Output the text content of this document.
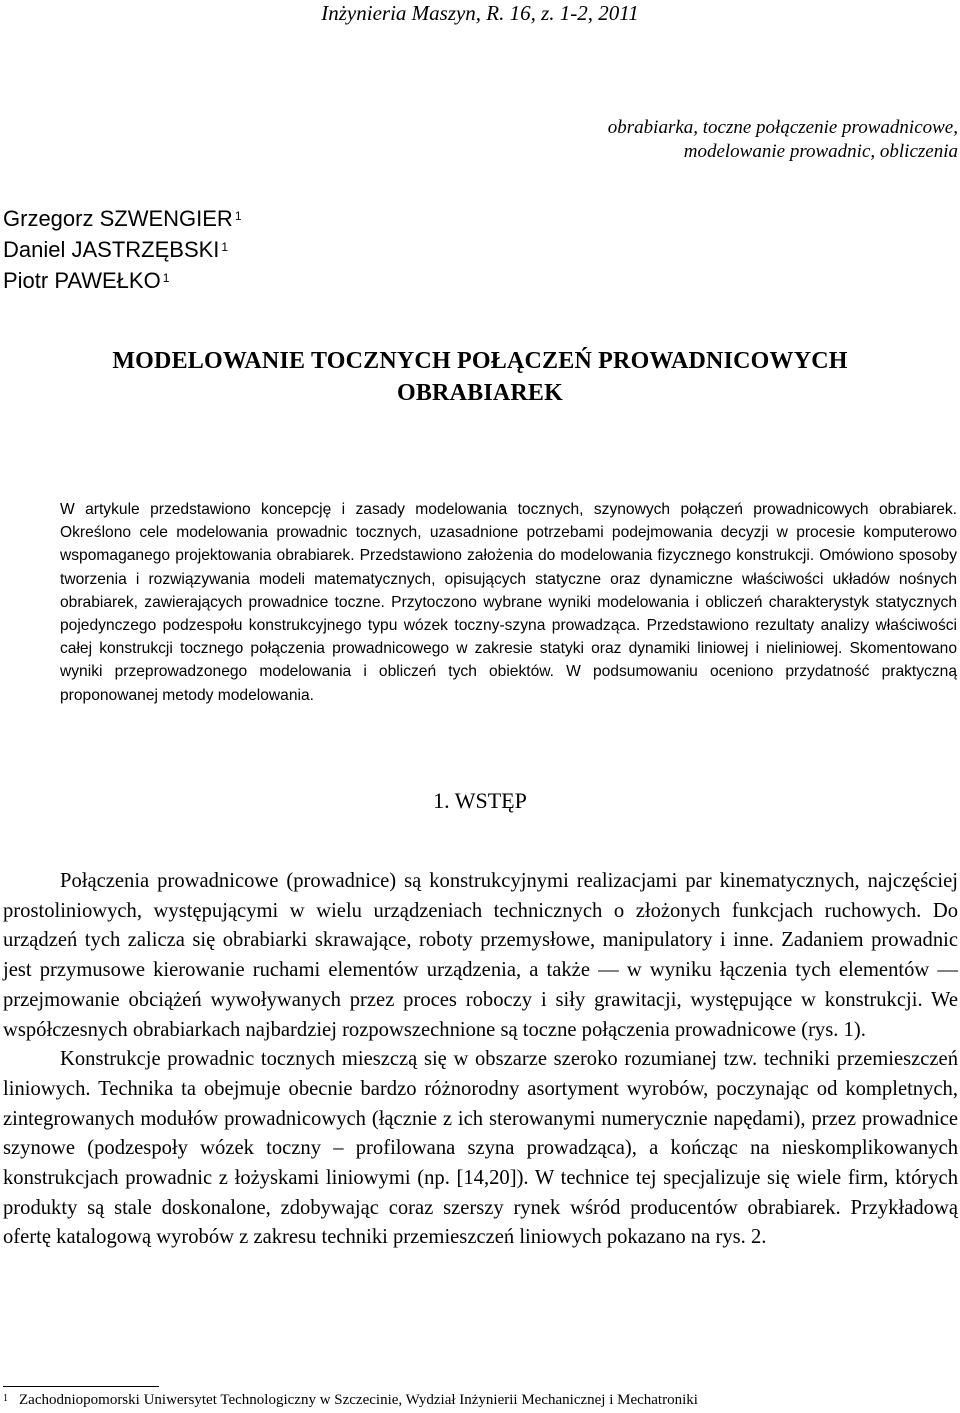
Inżynieria Maszyn, R. 16, z. 1-2, 2011
obrabiarka, toczne połączenie prowadnicowe,
modelowanie prowadnic, obliczenia
Grzegorz SZWENGIER $^1$
Daniel JASTRZĘBSKI $^1$
Piotr PAWEŁKO $^1$
MODELOWANIE TOCZNYCH POŁĄCZEŃ PROWADNICOWYCH
OBRABIAREK
W artykule przedstawiono koncepcję i zasady modelowania tocznych, szynowych połączeń prowadnicowych obrabiarek. Określono cele modelowania prowadnic tocznych, uzasadnione potrzebami podejmowania decyzji w procesie komputerowo wspomaganego projektowania obrabiarek. Przedstawiono założenia do modelowania fizycznego konstrukcji. Omówiono sposoby tworzenia i rozwiązywania modeli matematycznych, opisujących statyczne oraz dynamiczne właściwości układów nośnych obrabiarek, zawierających prowadnice toczne. Przytoczono wybrane wyniki modelowania i obliczeń charakterystyk statycznych pojedynczego podzespołu konstrukcyjnego typu wózek toczny-szyna prowadząca. Przedstawiono rezultaty analizy właściwości całej konstrukcji tocznego połączenia prowadnicowego w zakresie statyki oraz dynamiki liniowej i nieliniowej. Skomentowano wyniki przeprowadzonego modelowania i obliczeń tych obiektów. W podsumowaniu oceniono przydatność praktyczną proponowanej metody modelowania.
1. WSTĘP

Połączenia prowadnicowe (prowadnice) są konstrukcyjnymi realizacjami par kinematycznych, najczęściej prostoliniowych, występującymi w wielu urządzeniach technicznych o złożonych funkcjach ruchowych. Do urządzeń tych zalicza się obrabiarki skrawające, roboty przemysłowe, manipulatory i inne. Zadaniem prowadnic jest przymusowe kierowanie ruchami elementów urządzenia, a także — w wyniku łączenia tych elementów — przejmowanie obciążeń wywoływanych przez proces roboczy i siły grawitacji, występujące w konstrukcji. We współczesnych obrabiarkach najbardziej rozpowszechnione są toczne połączenia prowadnicowe (rys. 1).

Konstrukcje prowadnic tocznych mieszczą się w obszarze szeroko rozumianej tzw. techniki przemieszczeń liniowych. Technika ta obejmuje obecnie bardzo różnorodny asortyment wyrobów, poczynając od kompletnych, zintegrowanych modułów prowadnicowych (łącznie z ich sterowanymi numerycznie napędami), przez prowadnice szynowe (podzespoły wózek toczny – profilowana szyna prowadząca), a kończąc na nieskomplikowanych konstrukcjach prowadnic z łożyskami liniowymi (np. [14,20]). W technice tej specjalizuje się wiele firm, których produkty są stale doskonalone, zdobywając coraz szerszy rynek wśród producentów obrabiarek. Przykładową ofertę katalogową wyrobów z zakresu techniki przemieszczeń liniowych pokazano na rys. 2.

$^1$ Zachodniopomorski Uniwersytet Technologiczny w Szczecinie, Wydział Inżynierii Mechanicznej i Mechatroniki
